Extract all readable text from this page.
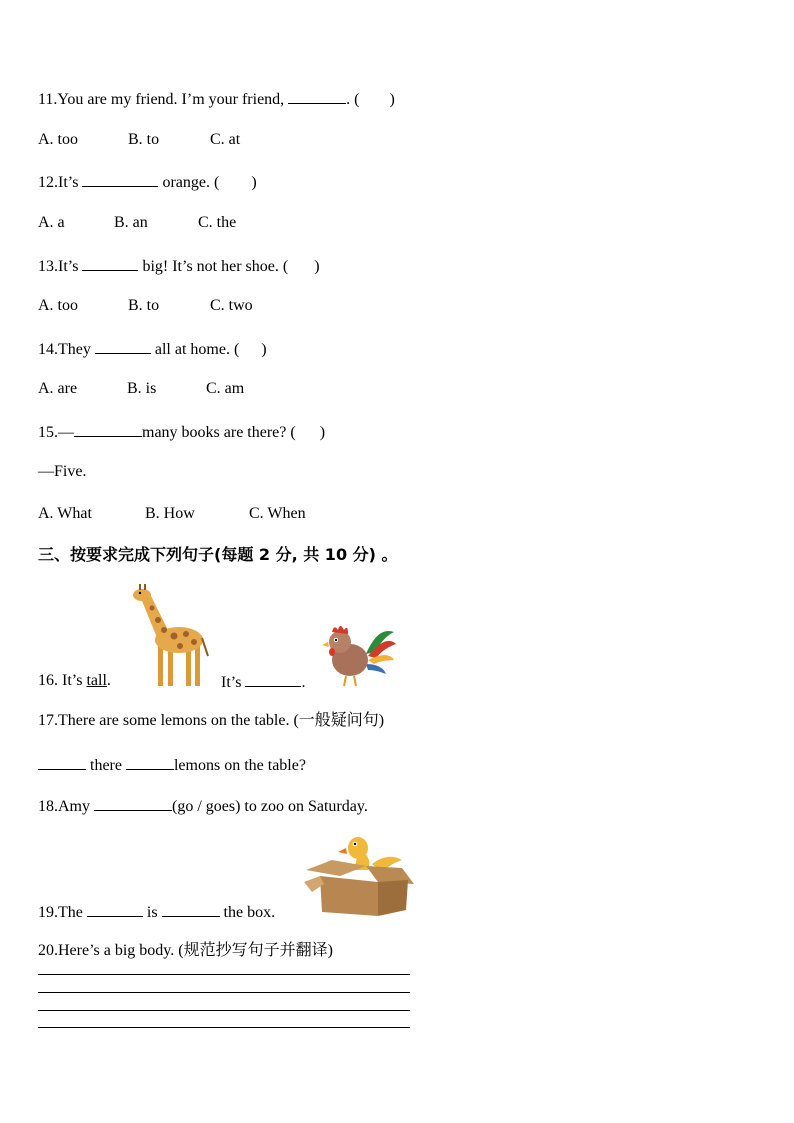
11.You are my friend. I’m your friend,	. ( )
A. too	B. to	C. at
12.It’s	orange. ( )
A. a	B. an	C. the
13.It’s	big! It’s not her shoe. ( )
A. too	B. to	C. two
14.They	all at home. ( )
A. are	B. is	C. am
15.—	many books are there? ( )
—Five.
A. What	B. How	C. When
三、按要求完成下列句子(每题 2 分, 共 10 分) 。
16. It’s tall.	It’s	.
17.There are some lemons on the table. (一般疑问句)
there	lemons on the table?
18.Amy	(go / goes) to zoo on Saturday.
19.The	is	the box.
20.Here’s a big body. (规范抄写句子并翻译)
